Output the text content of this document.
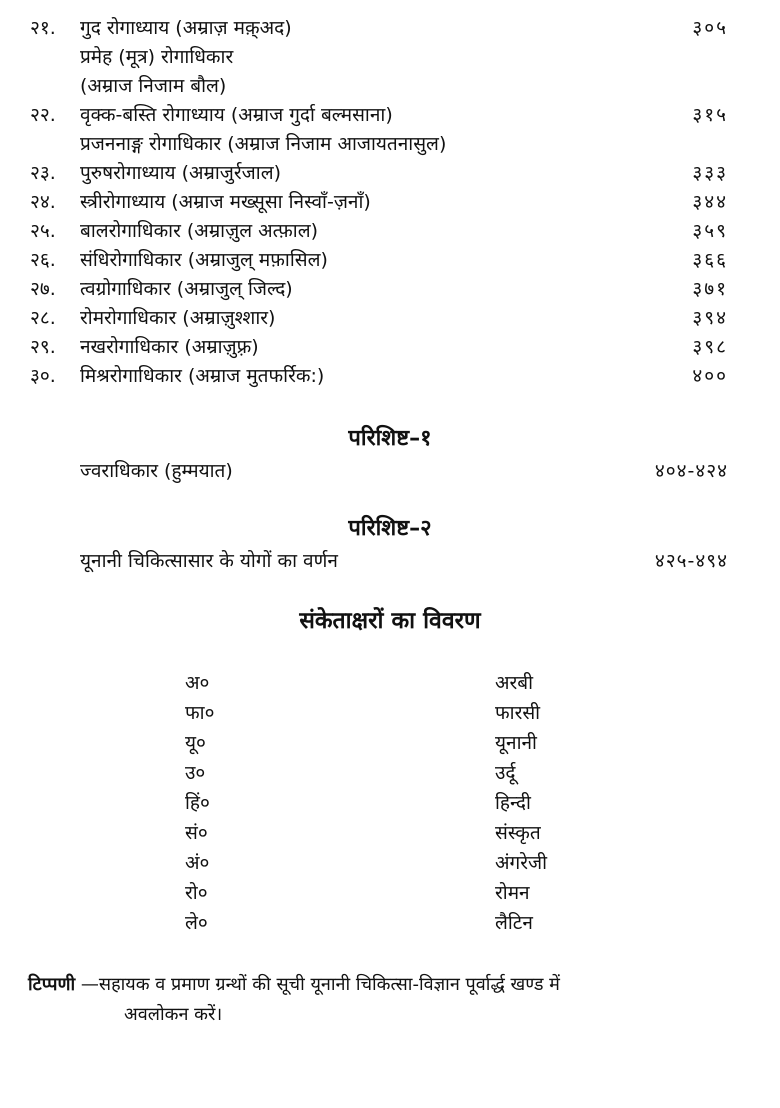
२१. गुद रोगाध्याय (अम्राज़ मक़्अद)	३०५
प्रमेह (मूत्र) रोगाधिकार
(अम्राज निजाम बौल)
२२. वृक्क-बस्ति रोगाध्याय (अम्राज गुर्दा बल्मसाना)	३१५
प्रजननाङ्ग रोगाधिकार (अम्राज निजाम आजायतनासुल)
२३. पुरुषरोगाध्याय (अम्राजुर्रजाल)	३३३
२४. स्त्रीरोगाध्याय (अम्राज मख्सूसा निस्वाँ-ज़नाँ)	३४४
२५. बालरोगाधिकार (अम्राज़ुल अत्फ़ाल)	३५९
२६. संधिरोगाधिकार (अम्राजुल् मफ़ासिल)	३६६
२७. त्वग्रोगाधिकार (अम्राजुल् जिल्द)	३७१
२८. रोमरोगाधिकार (अम्राज़ुश्शार)	३९४
२९. नखरोगाधिकार (अम्राज़ुफ़्र)	३९८
३०. मिश्ररोगाधिकार (अम्राज मुतफर्रिक:)	४००
परिशिष्ट–१
ज्वराधिकार (हुम्मयात)	४०४-४२४
परिशिष्ट–२
यूनानी चिकित्सासार के योगों का वर्णन	४२५-४९४
संकेताक्षरों का विवरण
अ०	अरबी
फा०	फारसी
यू०	यूनानी
उ०	उर्दू
हिं०	हिन्दी
सं०	संस्कृत
अं०	अंगरेजी
रो०	रोमन
ले०	लैटिन
टिप्पणी —सहायक व प्रमाण ग्रन्थों की सूची यूनानी चिकित्सा-विज्ञान पूर्वार्द्ध खण्ड में
अवलोकन करें।
